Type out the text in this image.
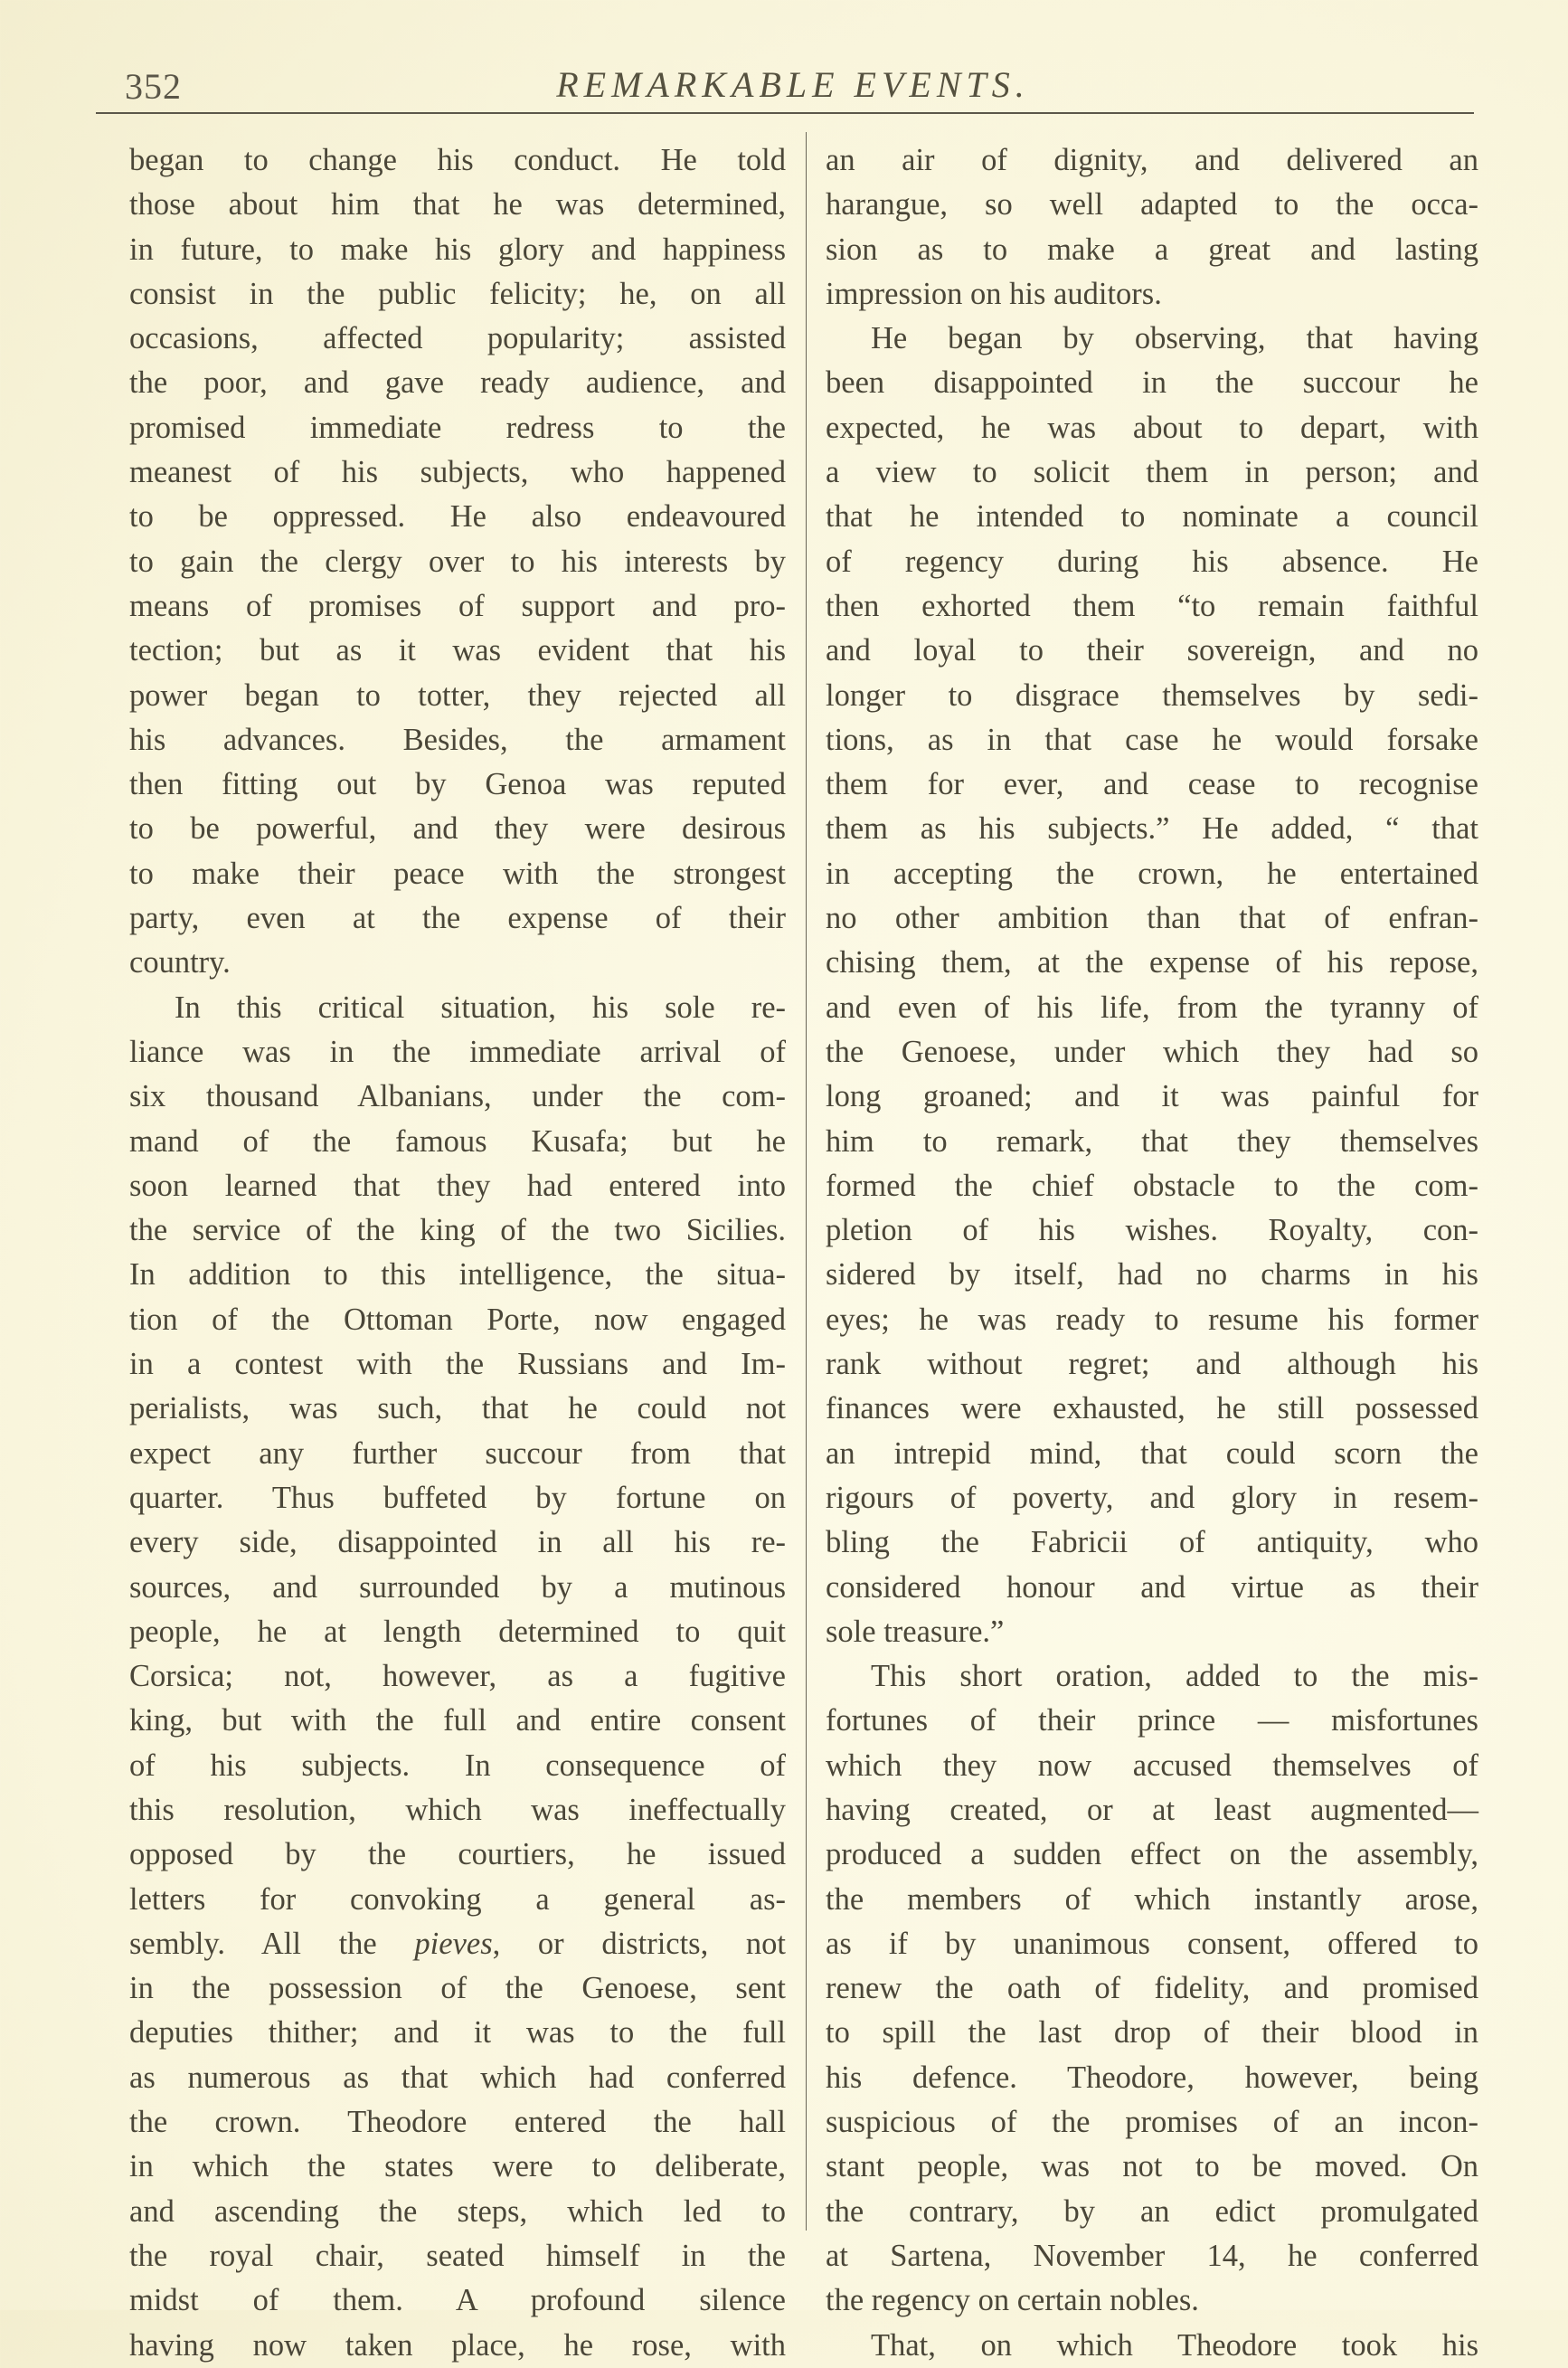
352	REMARKABLE EVENTS.
began to change his conduct. He told
those about him that he was determined,
in future, to make his glory and happiness
consist in the public felicity; he, on all
occasions, affected popularity; assisted
the poor, and gave ready audience, and
promised immediate redress to the
meanest of his subjects, who happened
to be oppressed. He also endeavoured
to gain the clergy over to his interests by
means of promises of support and pro-
tection; but as it was evident that his
power began to totter, they rejected all
his advances. Besides, the armament
then fitting out by Genoa was reputed
to be powerful, and they were desirous
to make their peace with the strongest
party, even at the expense of their
country.
In this critical situation, his sole re-
liance was in the immediate arrival of
six thousand Albanians, under the com-
mand of the famous Kusafa; but he
soon learned that they had entered into
the service of the king of the two Sicilies.
In addition to this intelligence, the situa-
tion of the Ottoman Porte, now engaged
in a contest with the Russians and Im-
perialists, was such, that he could not
expect any further succour from that
quarter. Thus buffeted by fortune on
every side, disappointed in all his re-
sources, and surrounded by a mutinous
people, he at length determined to quit
Corsica; not, however, as a fugitive
king, but with the full and entire consent
of his subjects. In consequence of
this resolution, which was ineffectually
opposed by the courtiers, he issued
letters for convoking a general as-
sembly. All the pieves, or districts, not
in the possession of the Genoese, sent
deputies thither; and it was to the full
as numerous as that which had conferred
the crown. Theodore entered the hall
in which the states were to deliberate,
and ascending the steps, which led to
the royal chair, seated himself in the
midst of them. A profound silence
having now taken place, he rose, with
an air of dignity, and delivered an
harangue, so well adapted to the occa-
sion as to make a great and lasting
impression on his auditors.
He began by observing, that having
been disappointed in the succour he
expected, he was about to depart, with
a view to solicit them in person; and
that he intended to nominate a council
of regency during his absence. He
then exhorted them “to remain faithful
and loyal to their sovereign, and no
longer to disgrace themselves by sedi-
tions, as in that case he would forsake
them for ever, and cease to recognise
them as his subjects.” He added, “ that
in accepting the crown, he entertained
no other ambition than that of enfran-
chising them, at the expense of his repose,
and even of his life, from the tyranny of
the Genoese, under which they had so
long groaned; and it was painful for
him to remark, that they themselves
formed the chief obstacle to the com-
pletion of his wishes. Royalty, con-
sidered by itself, had no charms in his
eyes; he was ready to resume his former
rank without regret; and although his
finances were exhausted, he still possessed
an intrepid mind, that could scorn the
rigours of poverty, and glory in resem-
bling the Fabricii of antiquity, who
considered honour and virtue as their
sole treasure.”
This short oration, added to the mis-
fortunes of their prince — misfortunes
which they now accused themselves of
having created, or at least augmented—
produced a sudden effect on the assembly,
the members of which instantly arose,
as if by unanimous consent, offered to
renew the oath of fidelity, and promised
to spill the last drop of their blood in
his defence. Theodore, however, being
suspicious of the promises of an incon-
stant people, was not to be moved. On
the contrary, by an edict promulgated
at Sartena, November 14, he conferred
the regency on certain nobles.
That, on which Theodore took his
